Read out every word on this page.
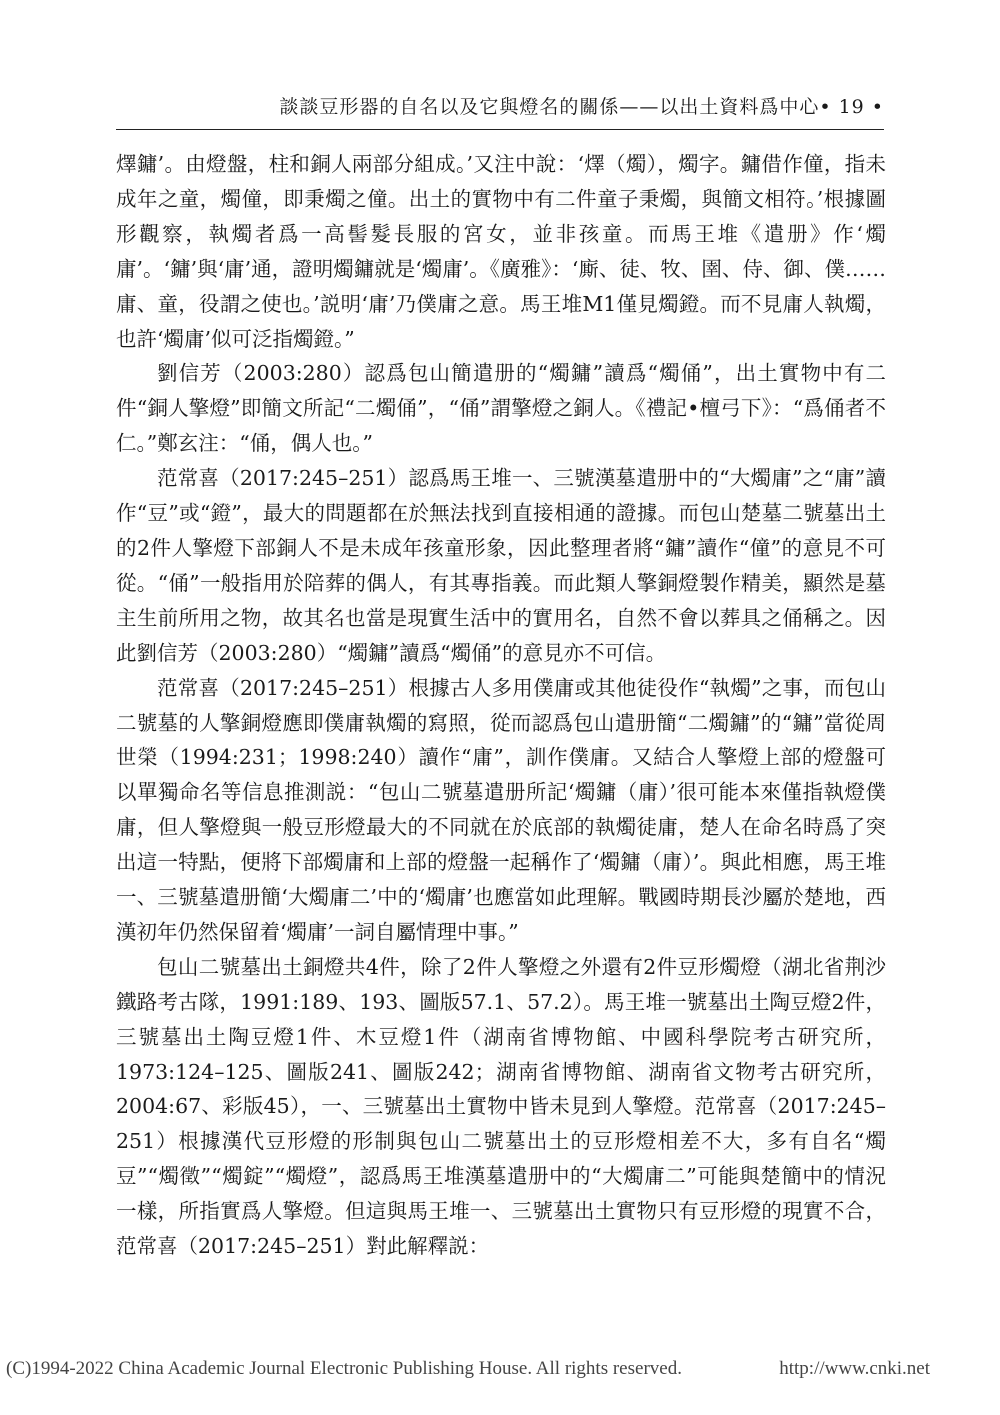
談談豆形器的自名以及它與燈名的關係——以出土資料爲中心• 19 •

燡鏞’。由燈盤，柱和銅人兩部分組成。’又注中說：‘燡（燭），燭字。鏞借作僮，指未成年之童，燭僮，即秉燭之僮。出土的實物中有二件童子秉燭，與簡文相符。’根據圖形觀察，執燭者爲一高髻髮長服的宮女，並非孩童。而馬王堆《遣册》作‘燭庸’。‘鏞’與‘庸’通，證明燭鏞就是‘燭庸’。《廣雅》：‘廝、徒、牧、圉、侍、御、僕……庸、童，役謂之使也。’説明‘庸’乃僕庸之意。馬王堆M1僅見燭鐙。而不見庸人執燭，也許‘燭庸’似可泛指燭鐙。”

劉信芳（2003:280）認爲包山簡遣册的“燭鏞”讀爲“燭俑”，出土實物中有二件“銅人擎燈”即簡文所記“二燭俑”，“俑”謂擎燈之銅人。《禮記•檀弓下》：“爲俑者不仁。”鄭玄注：“俑，偶人也。”

范常喜（2017:245–251）認爲馬王堆一、三號漢墓遣册中的“大燭庸”之“庸”讀作“豆”或“鐙”，最大的問題都在於無法找到直接相通的證據。而包山楚墓二號墓出土的2件人擎燈下部銅人不是未成年孩童形象，因此整理者將“鏞”讀作“僮”的意見不可從。“俑”一般指用於陪葬的偶人，有其專指義。而此類人擎銅燈製作精美，顯然是墓主生前所用之物，故其名也當是現實生活中的實用名，自然不會以葬具之俑稱之。因此劉信芳（2003:280）“燭鏞”讀爲“燭俑”的意見亦不可信。

范常喜（2017:245–251）根據古人多用僕庸或其他徒役作“執燭”之事，而包山二號墓的人擎銅燈應即僕庸執燭的寫照，從而認爲包山遣册簡“二燭鏞”的“鏞”當從周世榮（1994:231；1998:240）讀作“庸”，訓作僕庸。又結合人擎燈上部的燈盤可以單獨命名等信息推測説：“包山二號墓遣册所記‘燭鏞（庸）’很可能本來僅指執燈僕庸，但人擎燈與一般豆形燈最大的不同就在於底部的執燭徒庸，楚人在命名時爲了突出這一特點，便將下部燭庸和上部的燈盤一起稱作了‘燭鏞（庸）’。與此相應，馬王堆一、三號墓遣册簡‘大燭庸二’中的‘燭庸’也應當如此理解。戰國時期長沙屬於楚地，西漢初年仍然保留着‘燭庸’一詞自屬情理中事。”

包山二號墓出土銅燈共4件，除了2件人擎燈之外還有2件豆形燭燈（湖北省荆沙鐵路考古隊，1991:189、193、圖版57.1、57.2）。馬王堆一號墓出土陶豆燈2件，三號墓出土陶豆燈1件、木豆燈1件（湖南省博物館、中國科學院考古研究所，1973:124–125、圖版241、圖版242；湖南省博物館、湖南省文物考古研究所，2004:67、彩版45），一、三號墓出土實物中皆未見到人擎燈。范常喜（2017:245–251）根據漢代豆形燈的形制與包山二號墓出土的豆形燈相差不大，多有自名“燭豆”“燭徵”“燭錠”“燭燈”，認爲馬王堆漢墓遣册中的“大燭庸二”可能與楚簡中的情況一樣，所指實爲人擎燈。但這與馬王堆一、三號墓出土實物只有豆形燈的現實不合，范常喜（2017:245–251）對此解釋説：

(C)1994-2022 China Academic Journal Electronic Publishing House. All rights reserved.	http://www.cnki.net
